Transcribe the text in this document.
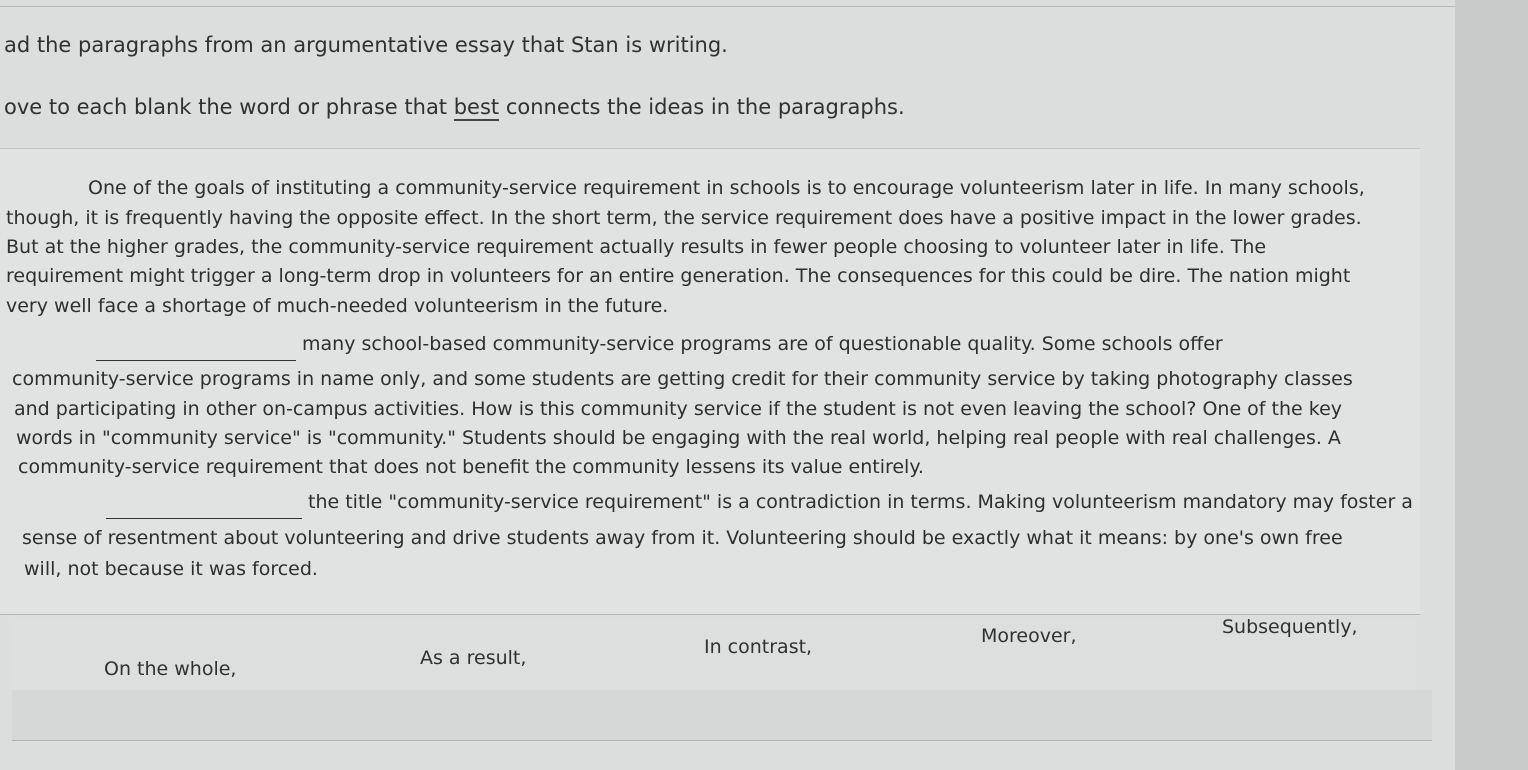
ad the paragraphs from an argumentative essay that Stan is writing.
ove to each blank the word or phrase that best connects the ideas in the paragraphs.
One of the goals of instituting a community-service requirement in schools is to encourage volunteerism later in life. In many schools,
though, it is frequently having the opposite effect. In the short term, the service requirement does have a positive impact in the lower grades.
But at the higher grades, the community-service requirement actually results in fewer people choosing to volunteer later in life. The
requirement might trigger a long-term drop in volunteers for an entire generation. The consequences for this could be dire. The nation might
very well face a shortage of much-needed volunteerism in the future.
many school-based community-service programs are of questionable quality. Some schools offer
community-service programs in name only, and some students are getting credit for their community service by taking photography classes
and participating in other on-campus activities. How is this community service if the student is not even leaving the school? One of the key
words in "community service" is "community." Students should be engaging with the real world, helping real people with real challenges. A
community-service requirement that does not benefit the community lessens its value entirely.
the title "community-service requirement" is a contradiction in terms. Making volunteerism mandatory may foster a
sense of resentment about volunteering and drive students away from it. Volunteering should be exactly what it means: by one's own free
will, not because it was forced.
On the whole,	As a result,	In contrast,	Moreover,	Subsequently,
